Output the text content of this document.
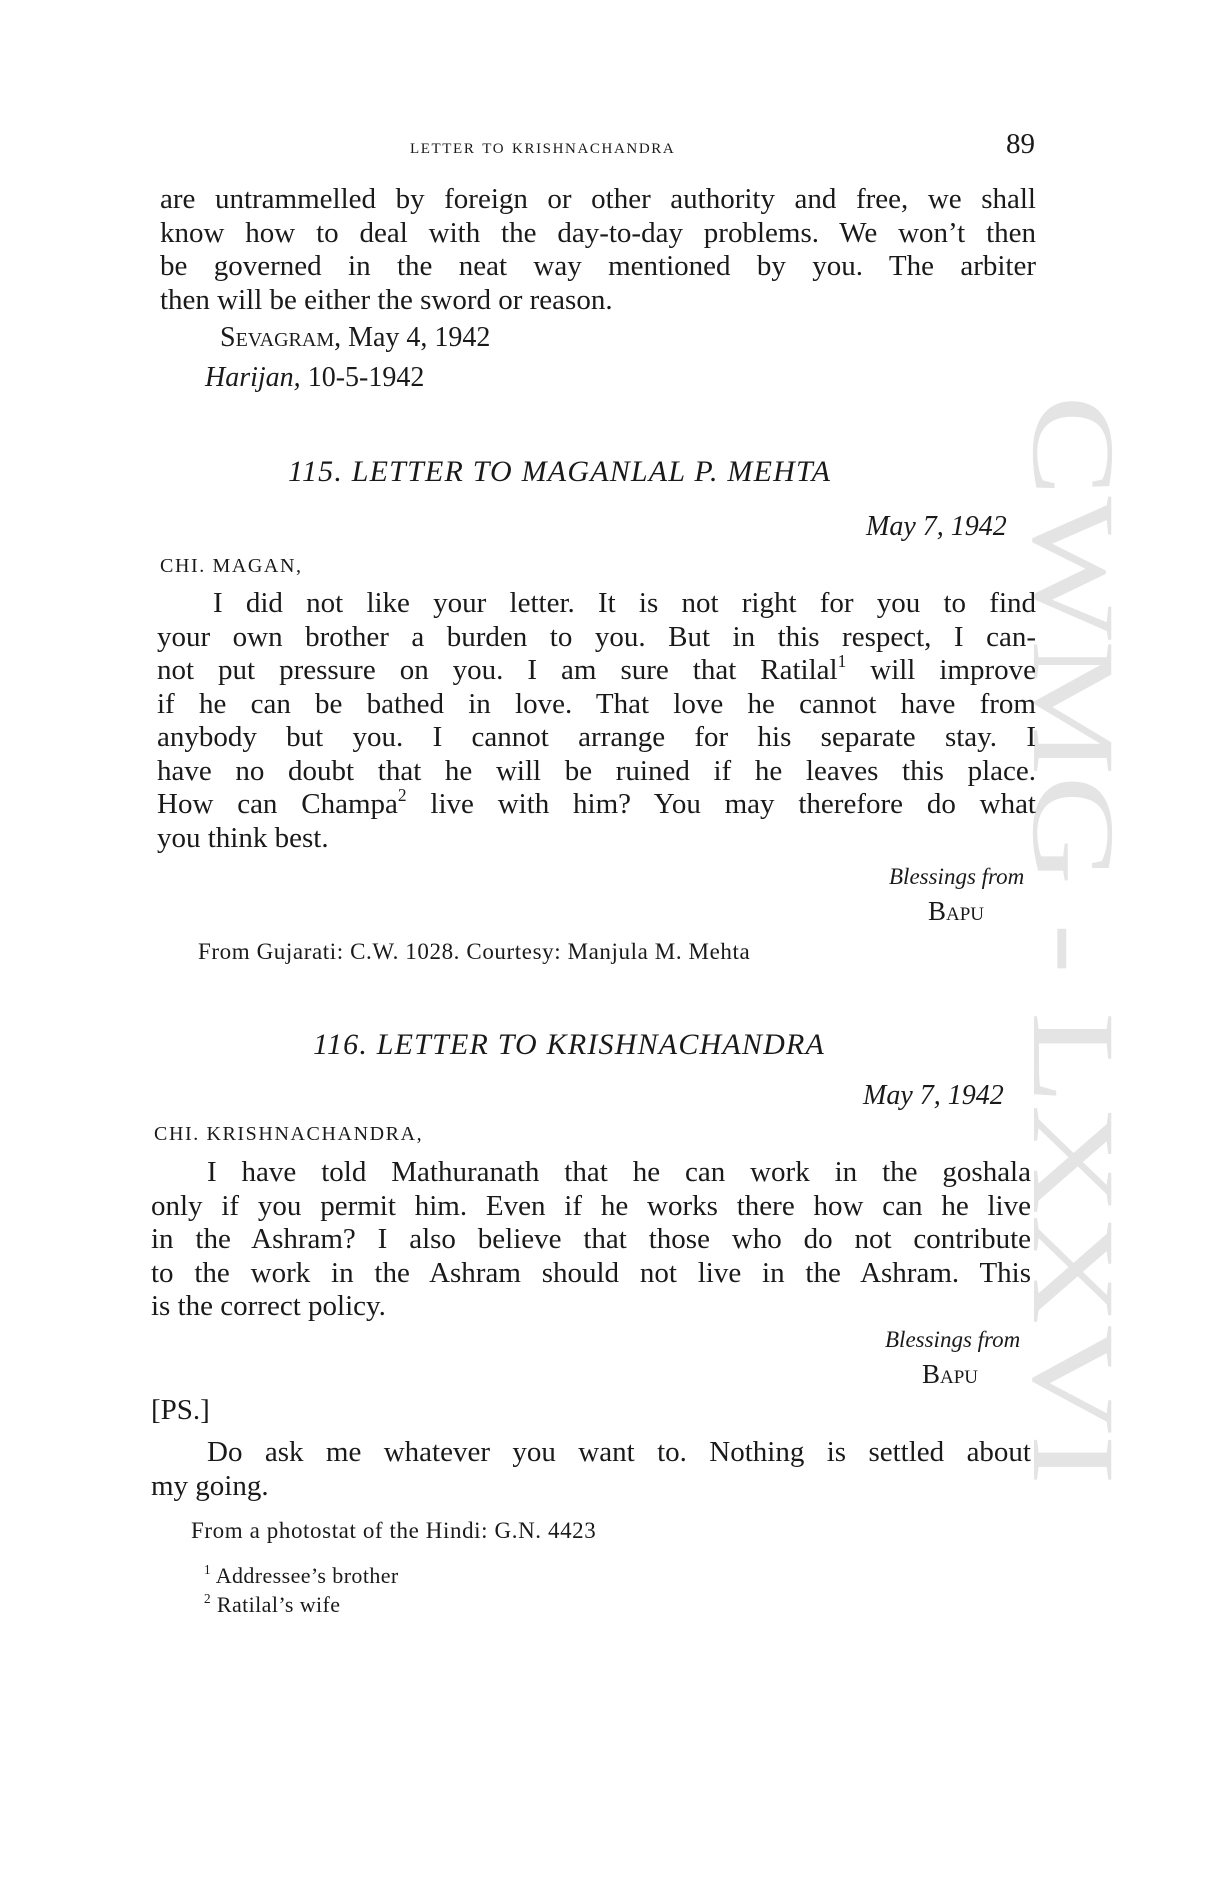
CWMG - LXXVI
letter to krishnachandra	89
are untrammelled by foreign or other authority and free, we shall
know how to deal with the day-to-day problems. We won’t then
be governed in the neat way mentioned by you. The arbiter
then will be either the sword or reason.
Sevagram, May 4, 1942
Harijan, 10-5-1942
115. LETTER TO MAGANLAL P. MEHTA
May 7, 1942
CHI. MAGAN,
I did not like your letter. It is not right for you to find
your own brother a burden to you. But in this respect, I can-
not put pressure on you. I am sure that Ratilal$^1$ will improve
if he can be bathed in love. That love he cannot have from
anybody but you. I cannot arrange for his separate stay. I
have no doubt that he will be ruined if he leaves this place.
How can Champa$^2$ live with him? You may therefore do what
you think best.
Blessings from
Bapu
From Gujarati: C.W. 1028. Courtesy: Manjula M. Mehta
116. LETTER TO KRISHNACHANDRA
May 7, 1942
CHI. KRISHNACHANDRA,
I have told Mathuranath that he can work in the goshala
only if you permit him. Even if he works there how can he live
in the Ashram? I also believe that those who do not contribute
to the work in the Ashram should not live in the Ashram. This
is the correct policy.
Blessings from
Bapu
[PS.]
Do ask me whatever you want to. Nothing is settled about
my going.
From a photostat of the Hindi: G.N. 4423
$^1$ Addressee’s brother
$^2$ Ratilal’s wife
